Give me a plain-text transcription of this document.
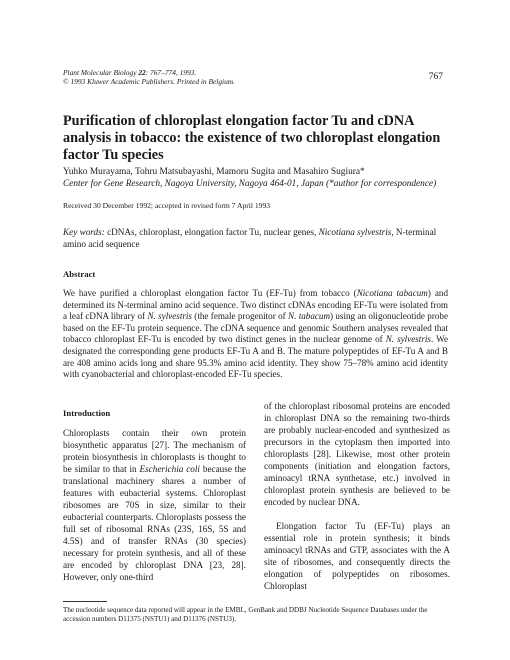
Plant Molecular Biology 22: 767–774, 1993.
© 1993 Kluwer Academic Publishers. Printed in Belgium.	767
Purification of chloroplast elongation factor Tu and cDNA analysis in tobacco: the existence of two chloroplast elongation factor Tu species
Yuhko Murayama, Tohru Matsubayashi, Mamoru Sugita and Masahiro Sugiura*
Center for Gene Research, Nagoya University, Nagoya 464-01, Japan (*author for correspondence)
Received 30 December 1992; accepted in revised form 7 April 1993
Key words: cDNAs, chloroplast, elongation factor Tu, nuclear genes, Nicotiana sylvestris, N-terminal amino acid sequence
Abstract
We have purified a chloroplast elongation factor Tu (EF-Tu) from tobacco (Nicotiana tabacum) and determined its N-terminal amino acid sequence. Two distinct cDNAs encoding EF-Tu were isolated from a leaf cDNA library of N. sylvestris (the female progenitor of N. tabacum) using an oligonucleotide probe based on the EF-Tu protein sequence. The cDNA sequence and genomic Southern analyses revealed that tobacco chloroplast EF-Tu is encoded by two distinct genes in the nuclear genome of N. sylvestris. We designated the corresponding gene products EF-Tu A and B. The mature polypeptides of EF-Tu A and B are 408 amino acids long and share 95.3% amino acid identity. They show 75–78% amino acid identity with cyanobacterial and chloroplast-encoded EF-Tu species.
Introduction
Chloroplasts contain their own protein biosynthetic apparatus [27]. The mechanism of protein biosynthesis in chloroplasts is thought to be similar to that in Escherichia coli because the translational machinery shares a number of features with eubacterial systems. Chloroplast ribosomes are 70S in size, similar to their eubacterial counterparts. Chloroplasts possess the full set of ribosomal RNAs (23S, 16S, 5S and 4.5S) and of transfer RNAs (30 species) necessary for protein synthesis, and all of these are encoded by chloroplast DNA [23, 28]. However, only one-third
of the chloroplast ribosomal proteins are encoded in chloroplast DNA so the remaining two-thirds are probably nuclear-encoded and synthesized as precursors in the cytoplasm then imported into chloroplasts [28]. Likewise, most other protein components (initiation and elongation factors, aminoacyl tRNA synthetase, etc.) involved in chloroplast protein synthesis are believed to be encoded by nuclear DNA.
Elongation factor Tu (EF-Tu) plays an essential role in protein synthesis; it binds aminoacyl tRNAs and GTP, associates with the A site of ribosomes, and consequently directs the elongation of polypeptides on ribosomes. Chloroplast
The nucleotide sequence data reported will appear in the EMBL, GenBank and DDBJ Nucleotide Sequence Databases under the accession numbers D11375 (NSTU1) and D11376 (NSTU3).
